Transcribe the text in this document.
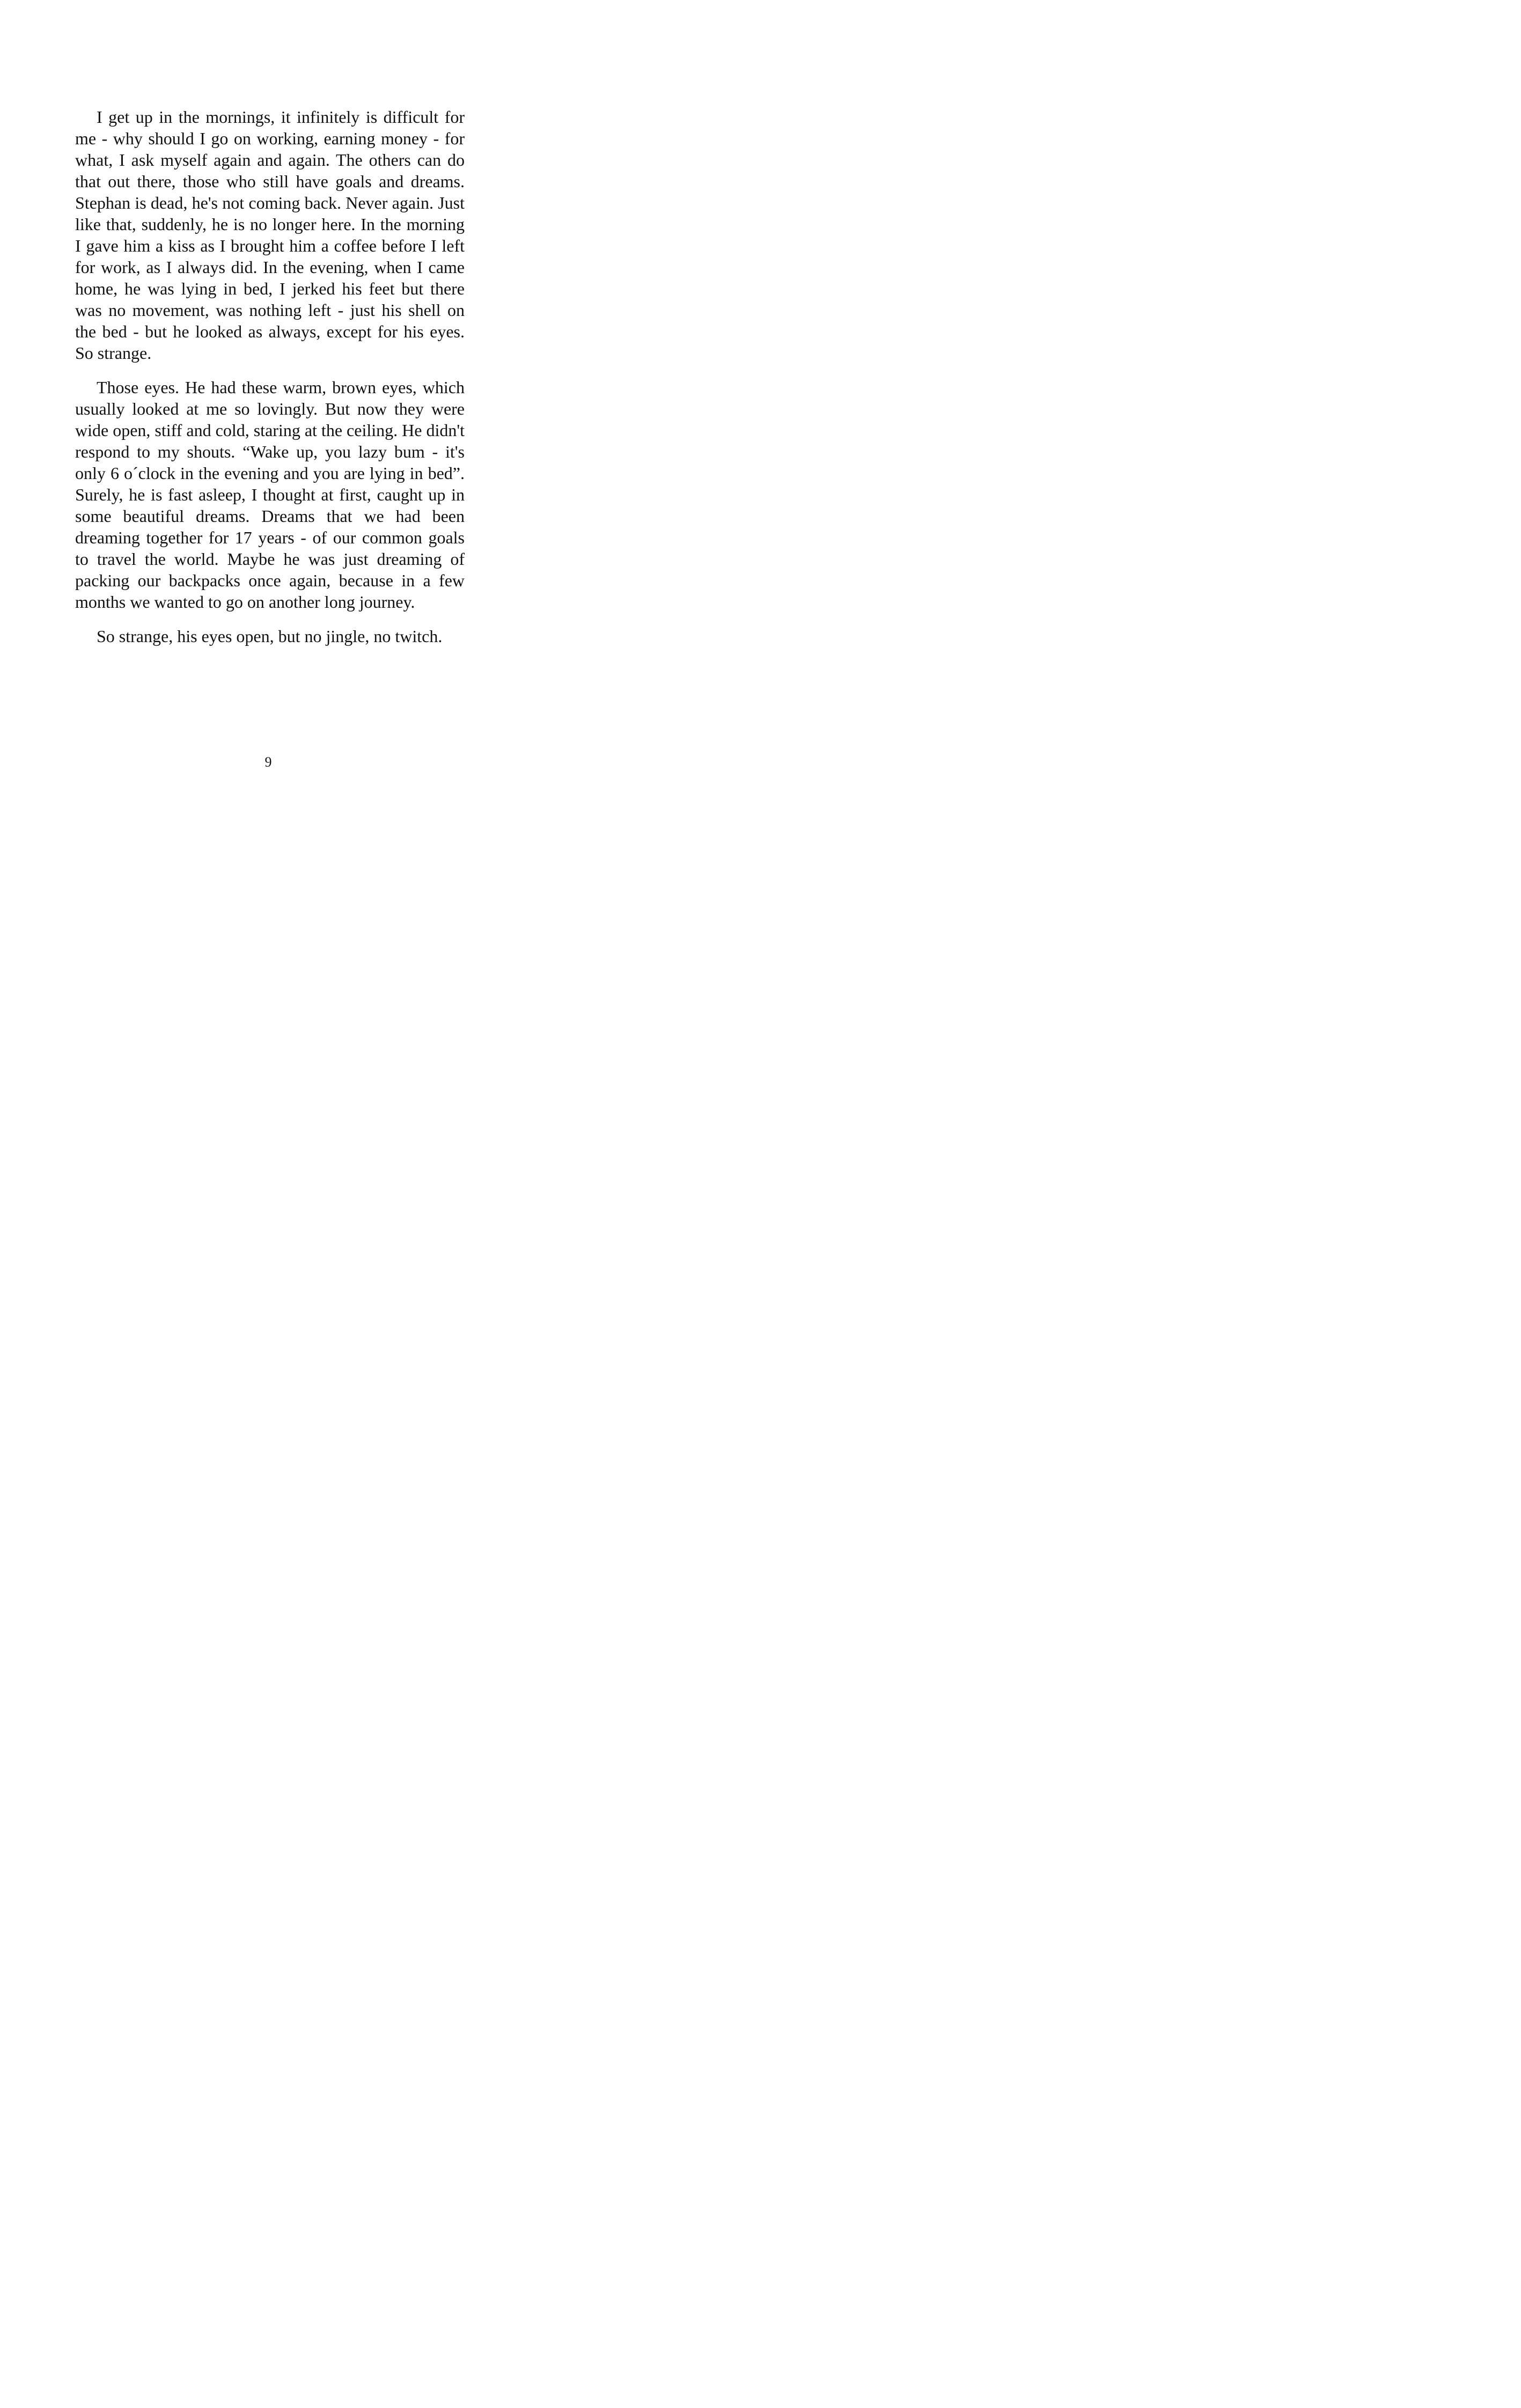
I get up in the mornings, it infinitely is difficult for me - why should I go on working, earning money - for what, I ask myself again and again. The others can do that out there, those who still have goals and dreams. Stephan is dead, he's not coming back. Never again. Just like that, suddenly, he is no longer here. In the morning I gave him a kiss as I brought him a coffee before I left for work, as I always did. In the evening, when I came home, he was lying in bed, I jerked his feet but there was no movement, was nothing left - just his shell on the bed - but he looked as always, except for his eyes. So strange.

Those eyes. He had these warm, brown eyes, which usually looked at me so lovingly. But now they were wide open, stiff and cold, staring at the ceiling. He didn't respond to my shouts. “Wake up, you lazy bum - it's only 6 o´clock in the evening and you are lying in bed”. Surely, he is fast asleep, I thought at first, caught up in some beautiful dreams. Dreams that we had been dreaming together for 17 years - of our common goals to travel the world. Maybe he was just dreaming of packing our backpacks once again, because in a few months we wanted to go on another long journey.

So strange, his eyes open, but no jingle, no twitch.

9
